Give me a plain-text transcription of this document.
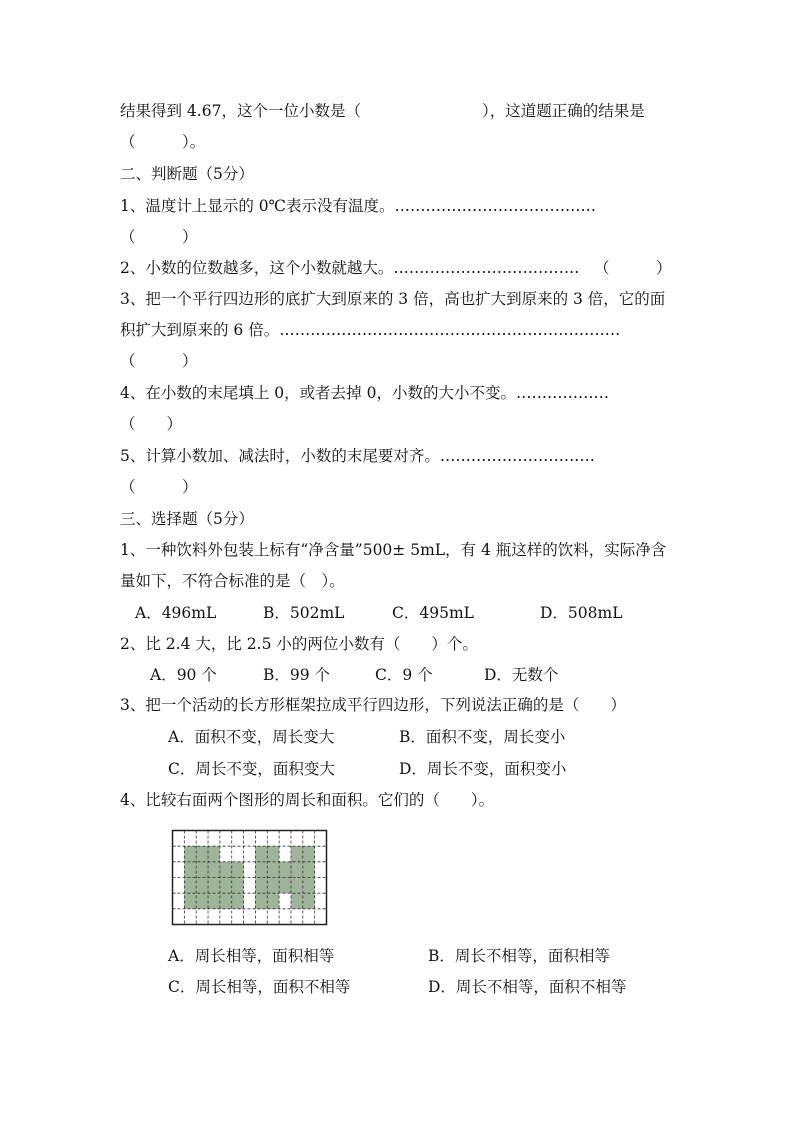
结果得到 4.67，这个一位小数是（	），这道题正确的结果是
（　　　）。
二、判断题（5分）
1、温度计上显示的 0℃表示没有温度。…………………………………
（　　　）
2、小数的位数越多，这个小数就越大。……………………………… （　　　）
3、把一个平行四边形的底扩大到原来的 3 倍，高也扩大到原来的 3 倍，它的面
积扩大到原来的 6 倍。…………………………………………………………
（　　　）
4、在小数的末尾填上 0，或者去掉 0，小数的大小不变。………………
（　　）
5、计算小数加、减法时，小数的末尾要对齐。…………………………
（　　　）
三、选择题（5分）
1、一种饮料外包装上标有“净含量”500± 5mL，有 4 瓶这样的饮料，实际净含
量如下，不符合标准的是（　）。
A．496mL	B．502mL	C．495mL	D．508mL
2、比 2.4 大，比 2.5 小的两位小数有（　　）个。
A．90 个	B．99 个	C．9 个	D．无数个
3、把一个活动的长方形框架拉成平行四边形，下列说法正确的是（　　）
A．面积不变，周长变大	B．面积不变，周长变小
C．周长不变，面积变大	D．周长不变，面积变小
4、比较右面两个图形的周长和面积。它们的（　　）。
A．周长相等，面积相等	B．周长不相等，面积相等
C．周长相等，面积不相等	D．周长不相等，面积不相等
